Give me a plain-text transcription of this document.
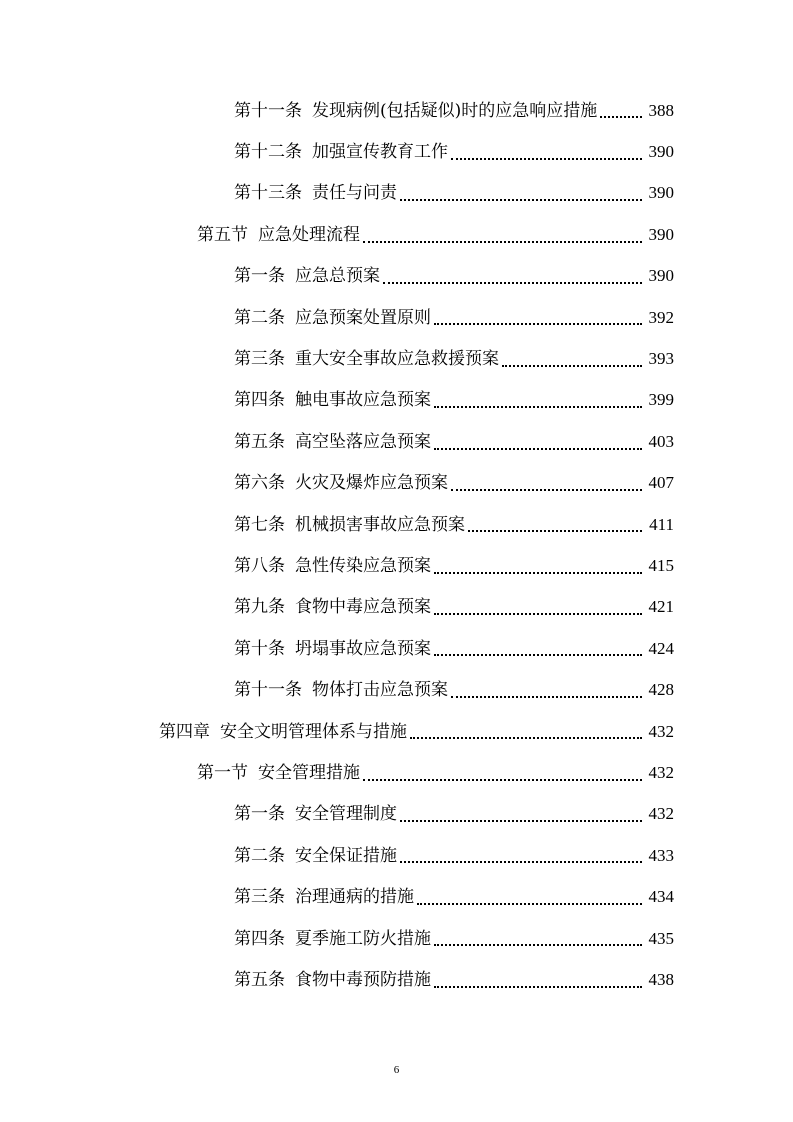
第十一条 发现病例(包括疑似)时的应急响应措施	388
第十二条 加强宣传教育工作	390
第十三条 责任与问责	390
第五节 应急处理流程	390
第一条 应急总预案	390
第二条 应急预案处置原则	392
第三条 重大安全事故应急救援预案	393
第四条 触电事故应急预案	399
第五条 高空坠落应急预案	403
第六条 火灾及爆炸应急预案	407
第七条 机械损害事故应急预案	411
第八条 急性传染应急预案	415
第九条 食物中毒应急预案	421
第十条 坍塌事故应急预案	424
第十一条 物体打击应急预案	428
第四章 安全文明管理体系与措施	432
第一节 安全管理措施	432
第一条 安全管理制度	432
第二条 安全保证措施	433
第三条 治理通病的措施	434
第四条 夏季施工防火措施	435
第五条 食物中毒预防措施	438
6
